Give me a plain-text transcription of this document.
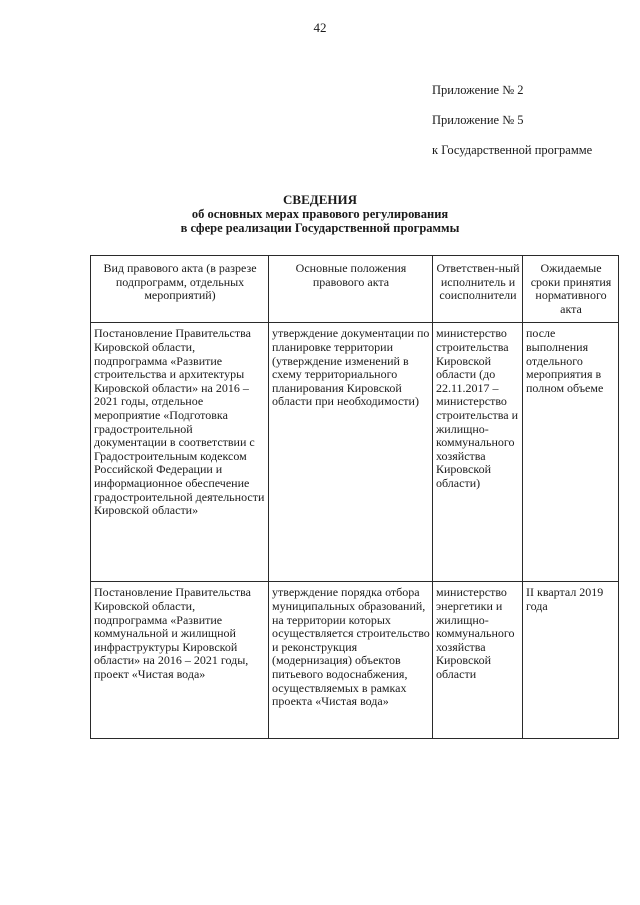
42
Приложение № 2
Приложение № 5
к Государственной программе
СВЕДЕНИЯ
об основных мерах правового регулирования
в сфере реализации Государственной программы
Вид правового акта (в разрезе подпрограмм, отдельных мероприятий)	Основные положения правового акта	Ответствен-ный исполнитель и соисполнители	Ожидаемые сроки принятия нормативного акта
Постановление Правительства Кировской области, подпрограмма «Развитие строительства и архитектуры Кировской области» на 2016 – 2021 годы, отдельное мероприятие «Подготовка градостроительной документации в соответствии с Градостроительным кодексом Российской Федерации и информационное обеспечение градостроительной деятельности Кировской области»	утверждение документации по планировке территории (утверждение изменений в схему территориального планирования Кировской области при необходимости)	министерство строительства Кировской области (до 22.11.2017 – министерство строительства и жилищно-коммунального хозяйства Кировской области)	после выполнения отдельного мероприятия в полном объеме
Постановление Правительства Кировской области, подпрограмма «Развитие коммунальной и жилищной инфраструктуры Кировской области» на 2016 – 2021 годы, проект «Чистая вода»	утверждение порядка отбора муниципальных образований, на территории которых осуществляется строительство и реконструкция (модернизация) объектов питьевого водоснабжения, осуществляемых в рамках проекта «Чистая вода»	министерство энергетики и жилищно-коммунального хозяйства Кировской области	II квартал 2019 года
